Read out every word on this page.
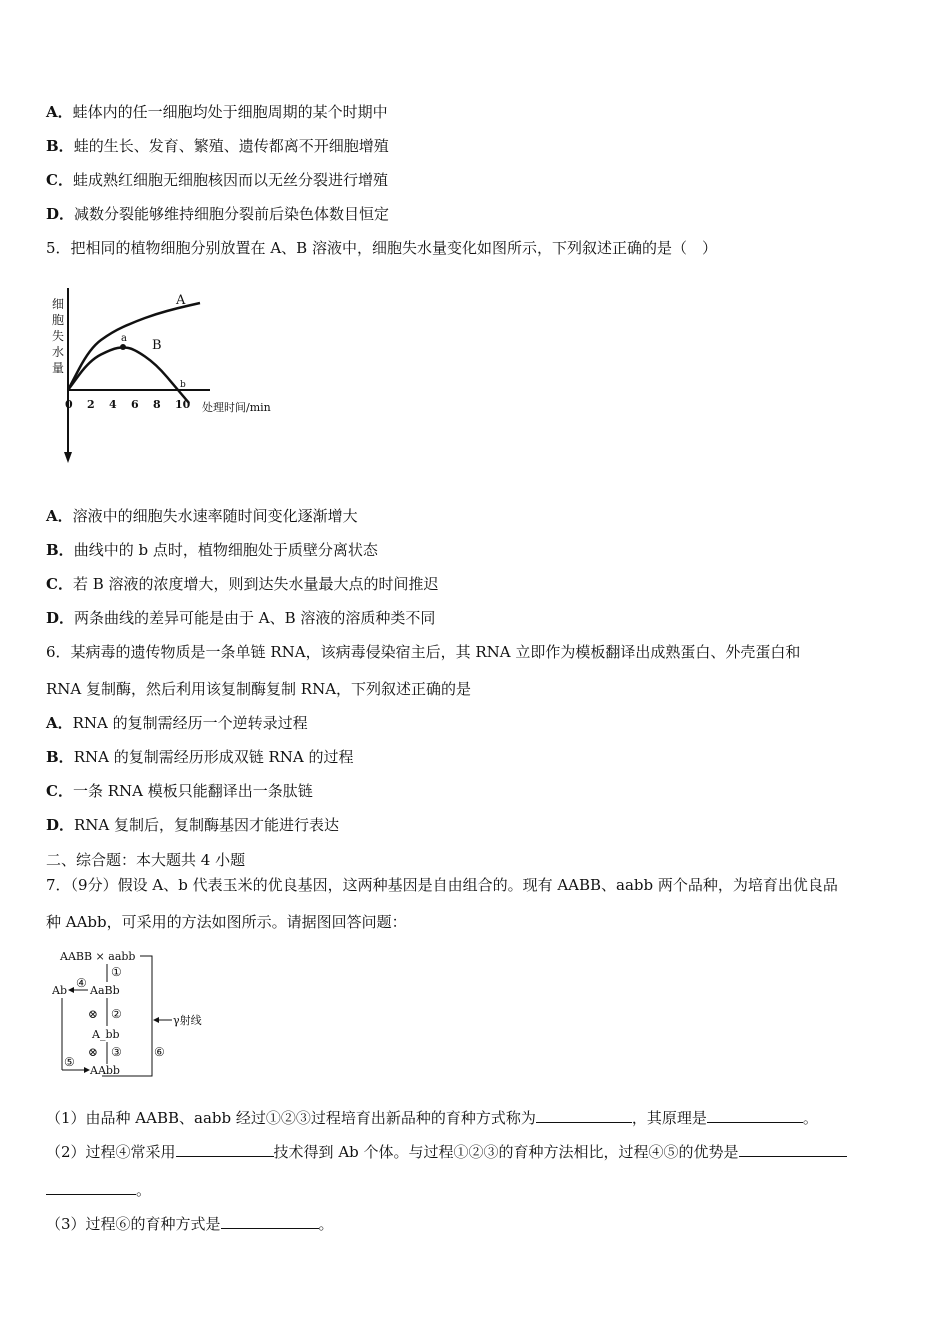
A．蛙体内的任一细胞均处于细胞周期的某个时期中
B．蛙的生长、发育、繁殖、遗传都离不开细胞增殖
C．蛙成熟红细胞无细胞核因而以无丝分裂进行增殖
D．减数分裂能够维持细胞分裂前后染色体数目恒定
5．把相同的植物细胞分别放置在 A、B 溶液中，细胞失水量变化如图所示，下列叙述正确的是（　）
细
胞
失
水
量
0 2 4 6 8 10 处理时间/min
A
B
a
b
A．溶液中的细胞失水速率随时间变化逐渐增大
B．曲线中的 b 点时，植物细胞处于质壁分离状态
C．若 B 溶液的浓度增大，则到达失水量最大点的时间推迟
D．两条曲线的差异可能是由于 A、B 溶液的溶质种类不同
6．某病毒的遗传物质是一条单链 RNA，该病毒侵染宿主后，其 RNA 立即作为模板翻译出成熟蛋白、外壳蛋白和
RNA 复制酶，然后利用该复制酶复制 RNA，下列叙述正确的是
A．RNA 的复制需经历一个逆转录过程
B．RNA 的复制需经历形成双链 RNA 的过程
C．一条 RNA 模板只能翻译出一条肽链
D．RNA 复制后，复制酶基因才能进行表达
二、综合题：本大题共 4 小题
7．（9分）假设 A、b 代表玉米的优良基因，这两种基因是自由组合的。现有 AABB、aabb 两个品种，为培育出优良品
种 AAbb，可采用的方法如图所示。请据图回答问题：
AABB × aabb
①
AaBb
Ab
④
⑤
⊗ ②
A_bb
⊗ ③
AAbb
γ射线
⑥
（1）由品种 AABB、aabb 经过①②③过程培育出新品种的育种方式称为	，其原理是	。
（2）过程④常采用	技术得到 Ab 个体。与过程①②③的育种方法相比，过程④⑤的优势是
。
（3）过程⑥的育种方式是	。
